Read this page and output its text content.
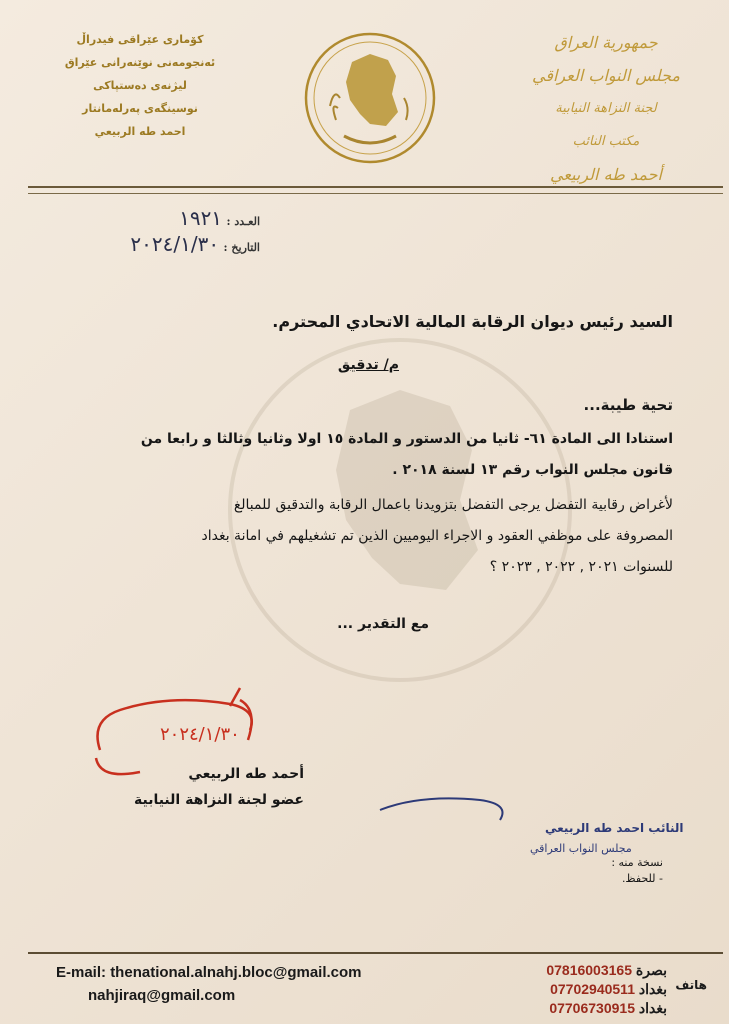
کۆماری عێراقی فیدراڵ
ئەنجومەنی نوێنەرانی عێراق
لیژنەی دەستپاکی
نوسینگەی پەرلەمانتار
احمد طه الربيعي
جمهورية العراق
مجلس النواب العراقي
لجنة النزاهة النيابية
مكتب النائب
أحمد طه الربيعي
العـدد : ١٩٢١
التاريخ : ٢٠٢٤/١/٣٠
السيد رئيس ديوان الرقابة المالية الاتحادي المحترم.
م/ تدقيق
تحية طيبة...
استنادا الى المادة ٦١- ثانيا من الدستور و المادة ١٥ اولا وثانيا وثالثا و رابعا من
قانون مجلس النواب رقم ١٣ لسنة ٢٠١٨ .
لأغراض رقابية التفضل يرجى التفضل بتزويدنا باعمال الرقابة والتدقيق للمبالغ
المصروفة على موظفي العقود و الاجراء اليوميين الذين تم تشغيلهم في امانة بغداد
للسنوات ٢٠٢١ , ٢٠٢٢ , ٢٠٢٣ ؟
مع التقدير ...
٢٠٢٤/١/٣٠
أحمد طه الربيعي
عضو لجنة النزاهة النيابية
النائب احمد طه الربيعي
مجلس النواب العراقي
نسخة منه :
- للحفظ.
E-mail: thenational.alnahj.bloc@gmail.com
nahjiraq@gmail.com
هاتف
07816003165 بصرة
07702940511 بغداد
07706730915 بغداد
